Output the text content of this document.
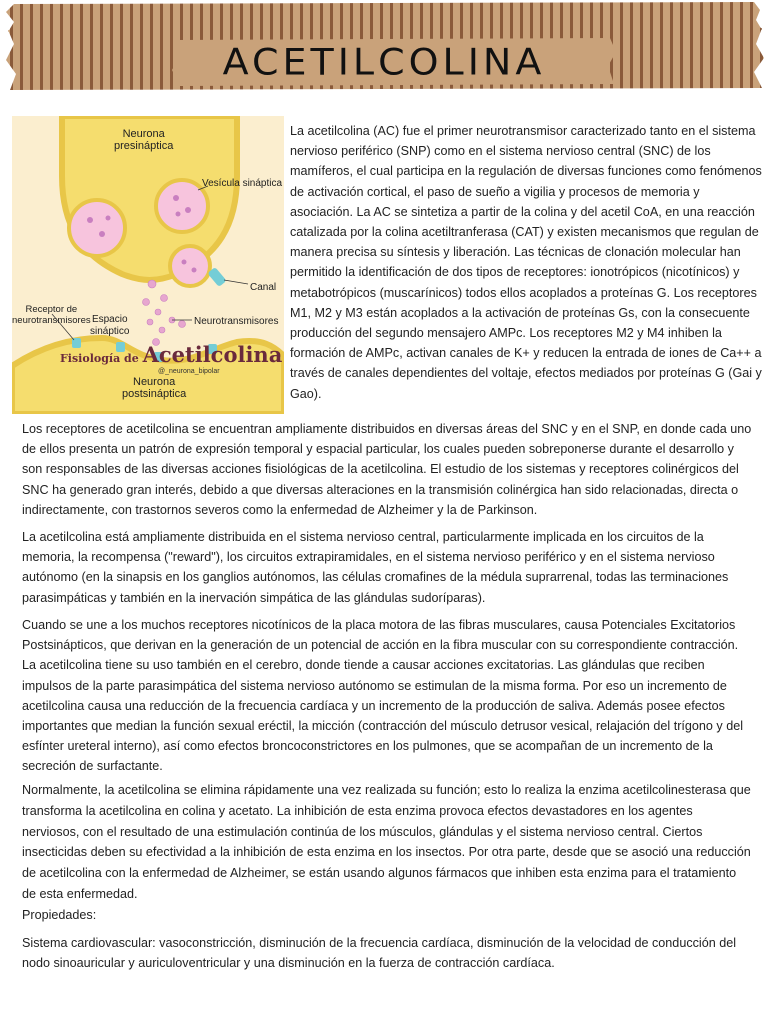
ACETILCOLINA
Neurona
presináptica
Vesícula sináptica
Canal
Receptor de
neurotransmisores Espacio
sináptico
Neurotransmisores
Neurona
postsináptica
Fisiología de Acetilcolina
@_neurona_bipolar

La acetilcolina (AC) fue el primer neurotransmisor caracterizado tanto en el sistema nervioso periférico (SNP) como en el sistema nervioso central (SNC) de los mamíferos, el cual participa en la regulación de diversas funciones como fenómenos de activación cortical, el paso de sueño a vigilia y procesos de memoria y asociación. La AC se sintetiza a partir de la colina y del acetil CoA, en una reacción catalizada por la colina acetiltranferasa (CAT) y existen mecanismos que regulan de manera precisa su síntesis y liberación. Las técnicas de clonación molecular han permitido la identificación de dos tipos de receptores: ionotrópicos (nicotínicos) y metabotrópicos (muscarínicos) todos ellos acoplados a proteínas G. Los receptores M1, M2 y M3 están acoplados a la activación de proteínas Gs, con la consecuente producción del segundo mensajero AMPc. Los receptores M2 y M4 inhiben la formación de AMPc, activan canales de K+ y reducen la entrada de iones de Ca++ a través de canales dependientes del voltaje, efectos mediados por proteínas G (Gai y Gao).

Los receptores de acetilcolina se encuentran ampliamente distribuidos en diversas áreas del SNC y en el SNP, en donde cada uno de ellos presenta un patrón de expresión temporal y espacial particular, los cuales pueden sobreponerse durante el desarrollo y son responsables de las diversas acciones fisiológicas de la acetilcolina. El estudio de los sistemas y receptores colinérgicos del SNC ha generado gran interés, debido a que diversas alteraciones en la transmisión colinérgica han sido relacionadas, directa o indirectamente, con trastornos severos como la enfermedad de Alzheimer y la de Parkinson.

La acetilcolina está ampliamente distribuida en el sistema nervioso central, particularmente implicada en los circuitos de la memoria, la recompensa ("reward"), los circuitos extrapiramidales, en el sistema nervioso periférico y en el sistema nervioso autónomo (en la sinapsis en los ganglios autónomos, las células cromafines de la médula suprarrenal, todas las terminaciones parasimpáticas y también en la inervación simpática de las glándulas sudoríparas).

Cuando se une a los muchos receptores nicotínicos de la placa motora de las fibras musculares, causa Potenciales Excitatorios Postsinápticos, que derivan en la generación de un potencial de acción en la fibra muscular con su correspondiente contracción. La acetilcolina tiene su uso también en el cerebro, donde tiende a causar acciones excitatorias. Las glándulas que reciben impulsos de la parte parasimpática del sistema nervioso autónomo se estimulan de la misma forma. Por eso un incremento de acetilcolina causa una reducción de la frecuencia cardíaca y un incremento de la producción de saliva. Además posee efectos importantes que median la función sexual eréctil, la micción (contracción del músculo detrusor vesical, relajación del trígono y del esfínter ureteral interno), así como efectos broncoconstrictores en los pulmones, que se acompañan de un incremento de la secreción de surfactante.

Normalmente, la acetilcolina se elimina rápidamente una vez realizada su función; esto lo realiza la enzima acetilcolinesterasa que transforma la acetilcolina en colina y acetato. La inhibición de esta enzima provoca efectos devastadores en los agentes nerviosos, con el resultado de una estimulación continúa de los músculos, glándulas y el sistema nervioso central. Ciertos insecticidas deben su efectividad a la inhibición de esta enzima en los insectos. Por otra parte, desde que se asoció una reducción de acetilcolina con la enfermedad de Alzheimer, se están usando algunos fármacos que inhiben esta enzima para el tratamiento de esta enfermedad.

Propiedades:

Sistema cardiovascular: vasoconstricción, disminución de la frecuencia cardíaca, disminución de la velocidad de conducción del nodo sinoauricular y auriculoventricular y una disminución en la fuerza de contracción cardíaca.
